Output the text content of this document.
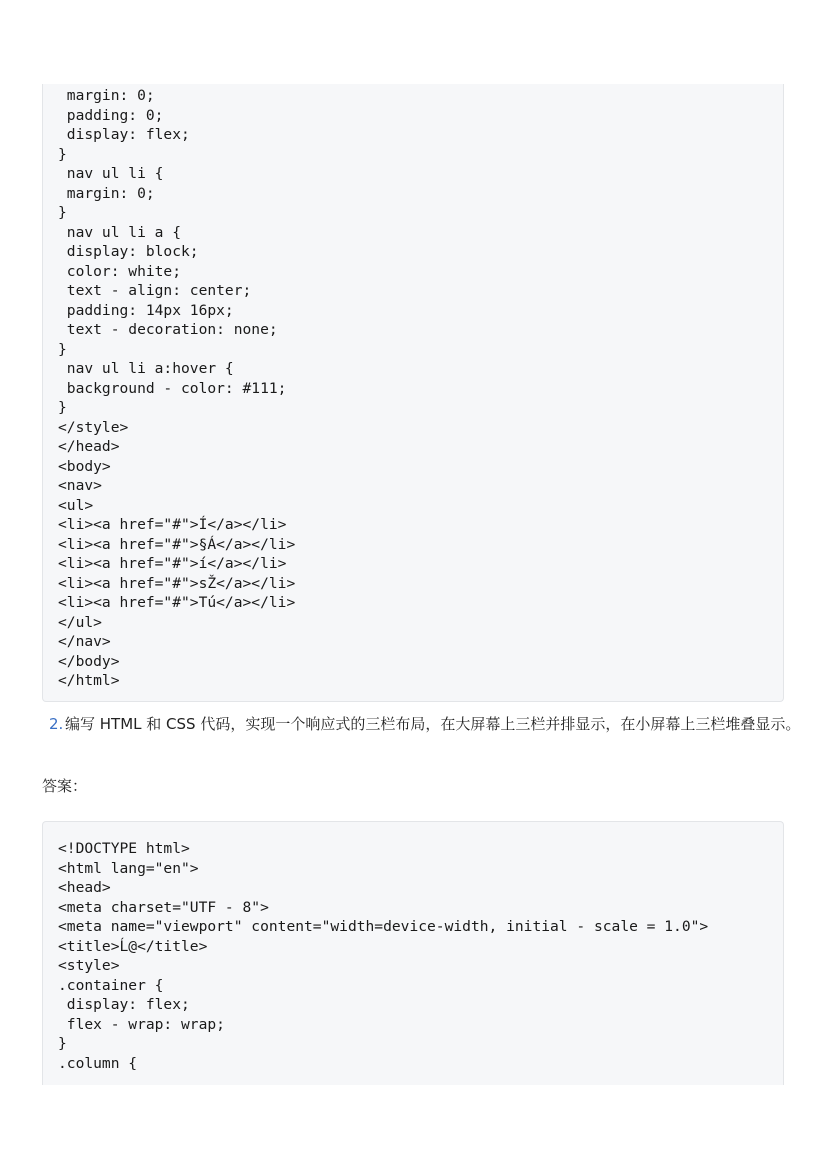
margin: 0;
padding: 0;
display: flex;
}
nav ul li {
margin: 0;
}
nav ul li a {
display: block;
color: white;
text - align: center;
padding: 14px 16px;
text - decoration: none;
}
nav ul li a:hover {
background - color: #111;
}
</style>
</head>
<body>
<nav>
<ul>
<li><a href="#">Í</a></li>
<li><a href="#">§Á</a></li>
<li><a href="#">í</a></li>
<li><a href="#">sŽ</a></li>
<li><a href="#">Tú</a></li>
</ul>
</nav>
</body>
</html>
2. 编写 HTML 和 CSS 代码，实现一个响应式的三栏布局，在大屏幕上三栏并排显示，在小屏幕上三栏堆叠显示。
答案：
<!DOCTYPE html>
<html lang="en">
<head>
<meta charset="UTF - 8">
<meta name="viewport" content="width=device-width, initial - scale = 1.0">
<title>Ĺ@</title>
<style>
.container {
display: flex;
flex - wrap: wrap;
}
.column {
